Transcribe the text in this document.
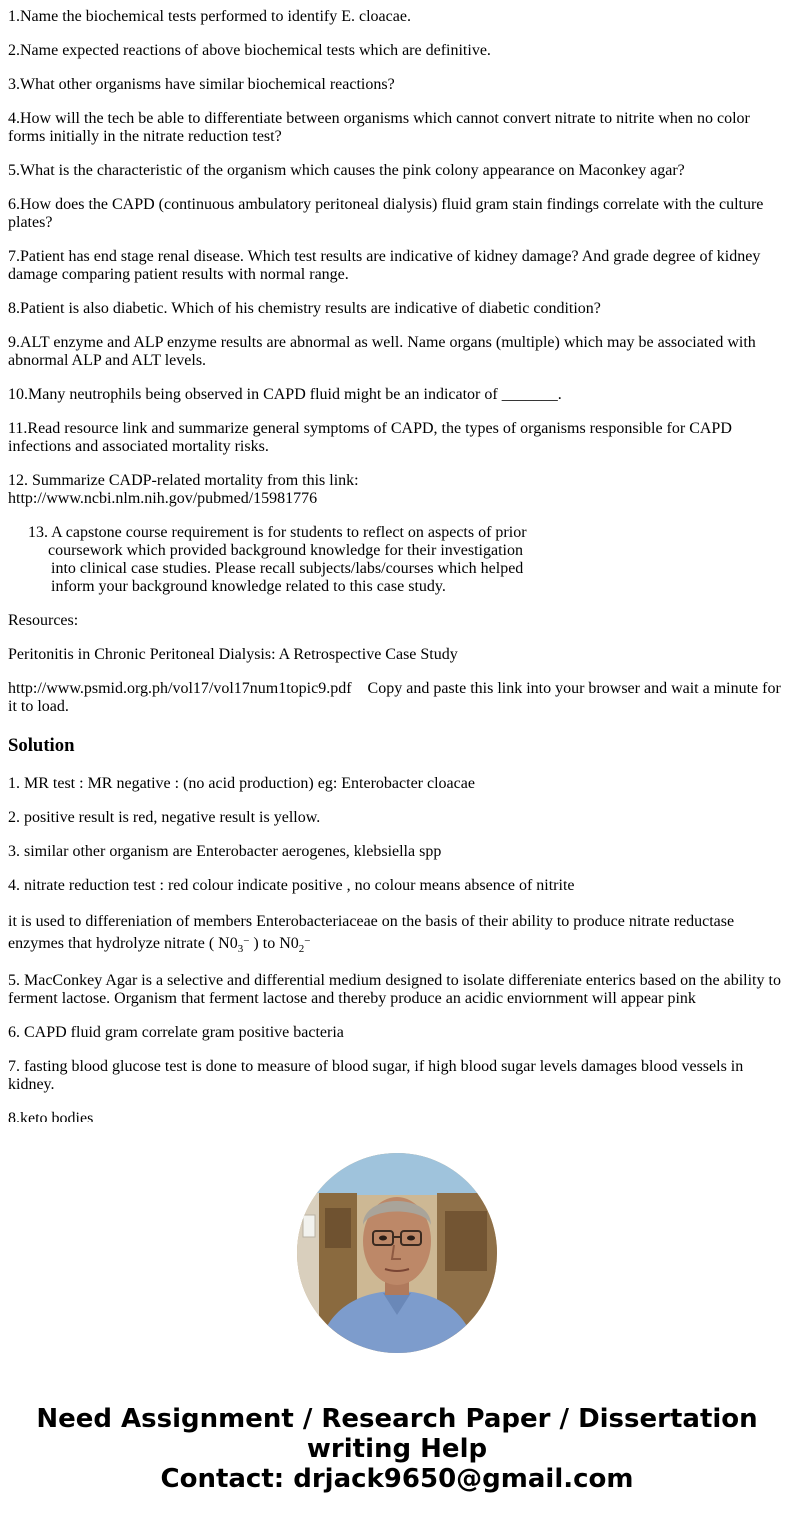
1.Name the biochemical tests performed to identify E. cloacae.

2.Name expected reactions of above biochemical tests which are definitive.

3.What other organisms have similar biochemical reactions?

4.How will the tech be able to differentiate between organisms which cannot convert nitrate to nitrite when no color forms initially in the nitrate reduction test?

5.What is the characteristic of the organism which causes the pink colony appearance on Maconkey agar?

6.How does the CAPD (continuous ambulatory peritoneal dialysis) fluid gram stain findings correlate with the culture plates?

7.Patient has end stage renal disease. Which test results are indicative of kidney damage? And grade degree of kidney damage comparing patient results with normal range.

8.Patient is also diabetic. Which of his chemistry results are indicative of diabetic condition?

9.ALT enzyme and ALP enzyme results are abnormal as well. Name organs (multiple) which may be associated with abnormal ALP and ALT levels.

10.Many neutrophils being observed in CAPD fluid might be an indicator of _______.

11.Read resource link and summarize general symptoms of CAPD, the types of organisms responsible for CAPD infections and associated mortality risks.

12. Summarize CADP-related mortality from this link:
http://www.ncbi.nlm.nih.gov/pubmed/15981776
13. A capstone course requirement is for students to reflect on aspects of prior
coursework which provided background knowledge for their investigation
into clinical case studies. Please recall subjects/labs/courses which helped
inform your background knowledge related to this case study.

Resources:

Peritonitis in Chronic Peritoneal Dialysis: A Retrospective Case Study

http://www.psmid.org.ph/vol17/vol17num1topic9.pdf    Copy and paste this link into your browser and wait a minute for it to load.

Solution

1. MR test : MR negative : (no acid production) eg: Enterobacter cloacae

2. positive result is red, negative result is yellow.

3. similar other organism are Enterobacter aerogenes, klebsiella spp

4. nitrate reduction test : red colour indicate positive , no colour means absence of nitrite

it is used to differeniation of members Enterobacteriaceae on the basis of their ability to produce nitrate reductase enzymes that hydrolyze nitrate ( $N0_3^-$ ) to $N0_2^-$

5. MacConkey Agar is a selective and differential medium designed to isolate differeniate enterics based on the ability to ferment lactose. Organism that ferment lactose and thereby produce an acidic enviornment will appear pink

6. CAPD fluid gram correlate gram positive bacteria

7. fasting blood glucose test is done to measure of blood sugar, if high blood sugar levels damages blood vessels in kidney.

8.keto bodies

Need Assignment / Research Paper / Dissertation
writing Help
Contact: drjack9650@gmail.com
